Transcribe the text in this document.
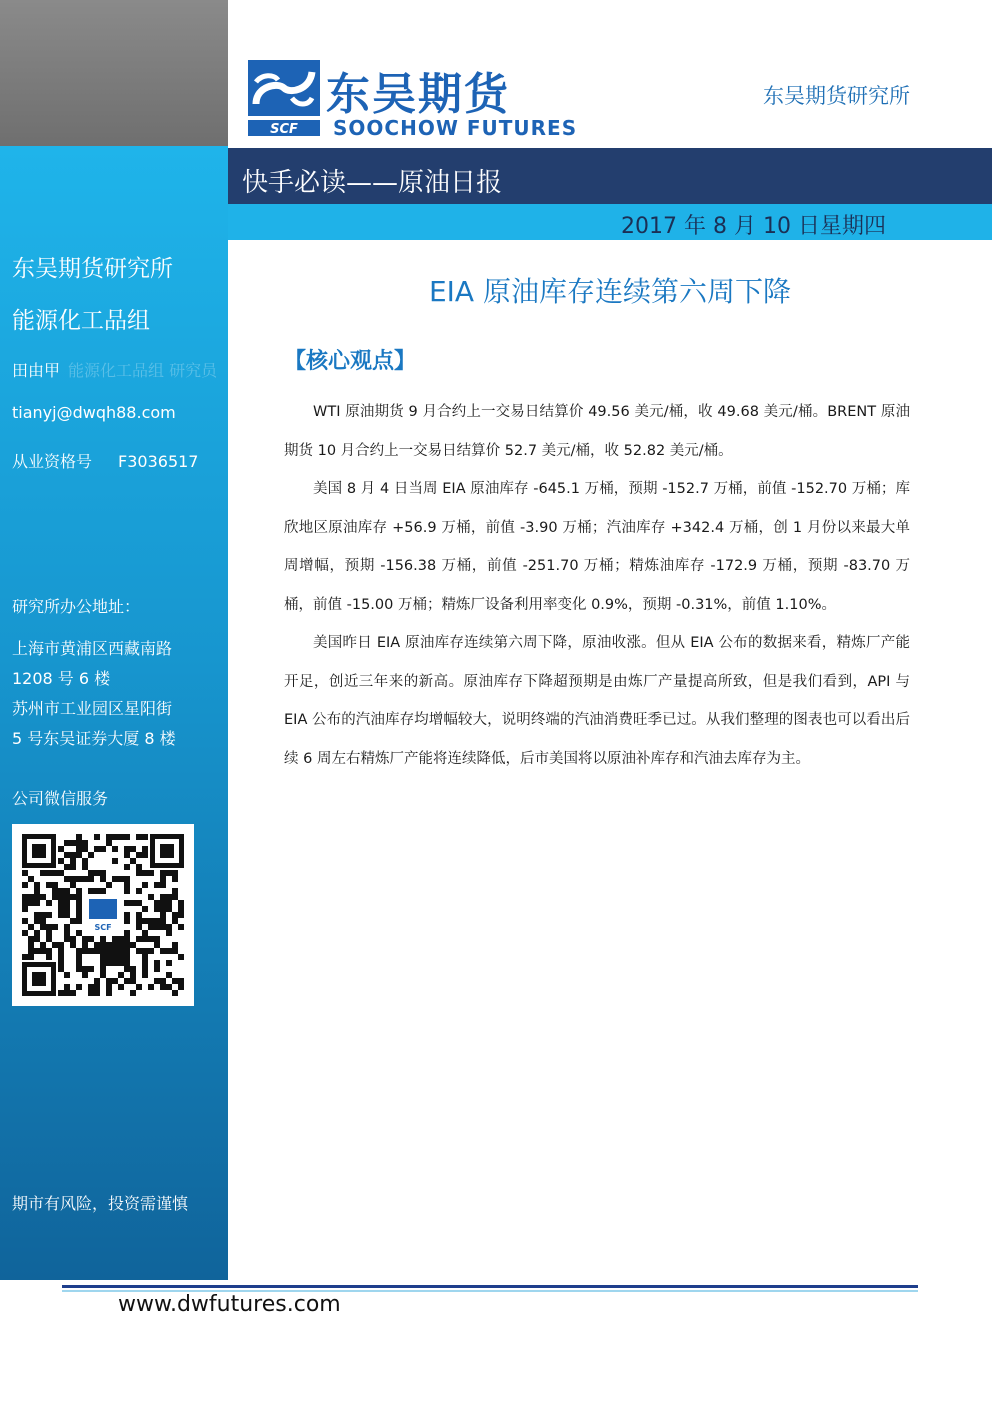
东吴期货研究所
能源化工品组
田由甲 能源化工品组 研究员
tianyj@dwqh88.com
从业资格号 F3036517
研究所办公地址：
上海市黄浦区西藏南路
1208 号 6 楼
苏州市工业园区星阳街
5 号东吴证券大厦 8 楼
公司微信服务
SCF
期市有风险，投资需谨慎
SCF
东吴期货
SOOCHOW FUTURES
东吴期货研究所
快手必读——原油日报
2017 年 8 月 10 日星期四
EIA 原油库存连续第六周下降
【核心观点】

WTI 原油期货 9 月合约上一交易日结算价 49.56 美元/桶，收 49.68 美元/桶。BRENT 原油期货 10 月合约上一交易日结算价 52.7 美元/桶，收 52.82 美元/桶。

美国 8 月 4 日当周 EIA 原油库存 -645.1 万桶，预期 -152.7 万桶，前值 -152.70 万桶；库欣地区原油库存 +56.9 万桶，前值 -3.90 万桶；汽油库存 +342.4 万桶，创 1 月份以来最大单周增幅，预期 -156.38 万桶，前值 -251.70 万桶；精炼油库存 -172.9 万桶，预期 -83.70 万桶，前值 -15.00 万桶；精炼厂设备利用率变化 0.9%，预期 -0.31%，前值 1.10%。

美国昨日 EIA 原油库存连续第六周下降，原油收涨。但从 EIA 公布的数据来看，精炼厂产能开足，创近三年来的新高。原油库存下降超预期是由炼厂产量提高所致，但是我们看到，API 与 EIA 公布的汽油库存均增幅较大，说明终端的汽油消费旺季已过。从我们整理的图表也可以看出后续 6 周左右精炼厂产能将连续降低，后市美国将以原油补库存和汽油去库存为主。

www.dwfutures.com
